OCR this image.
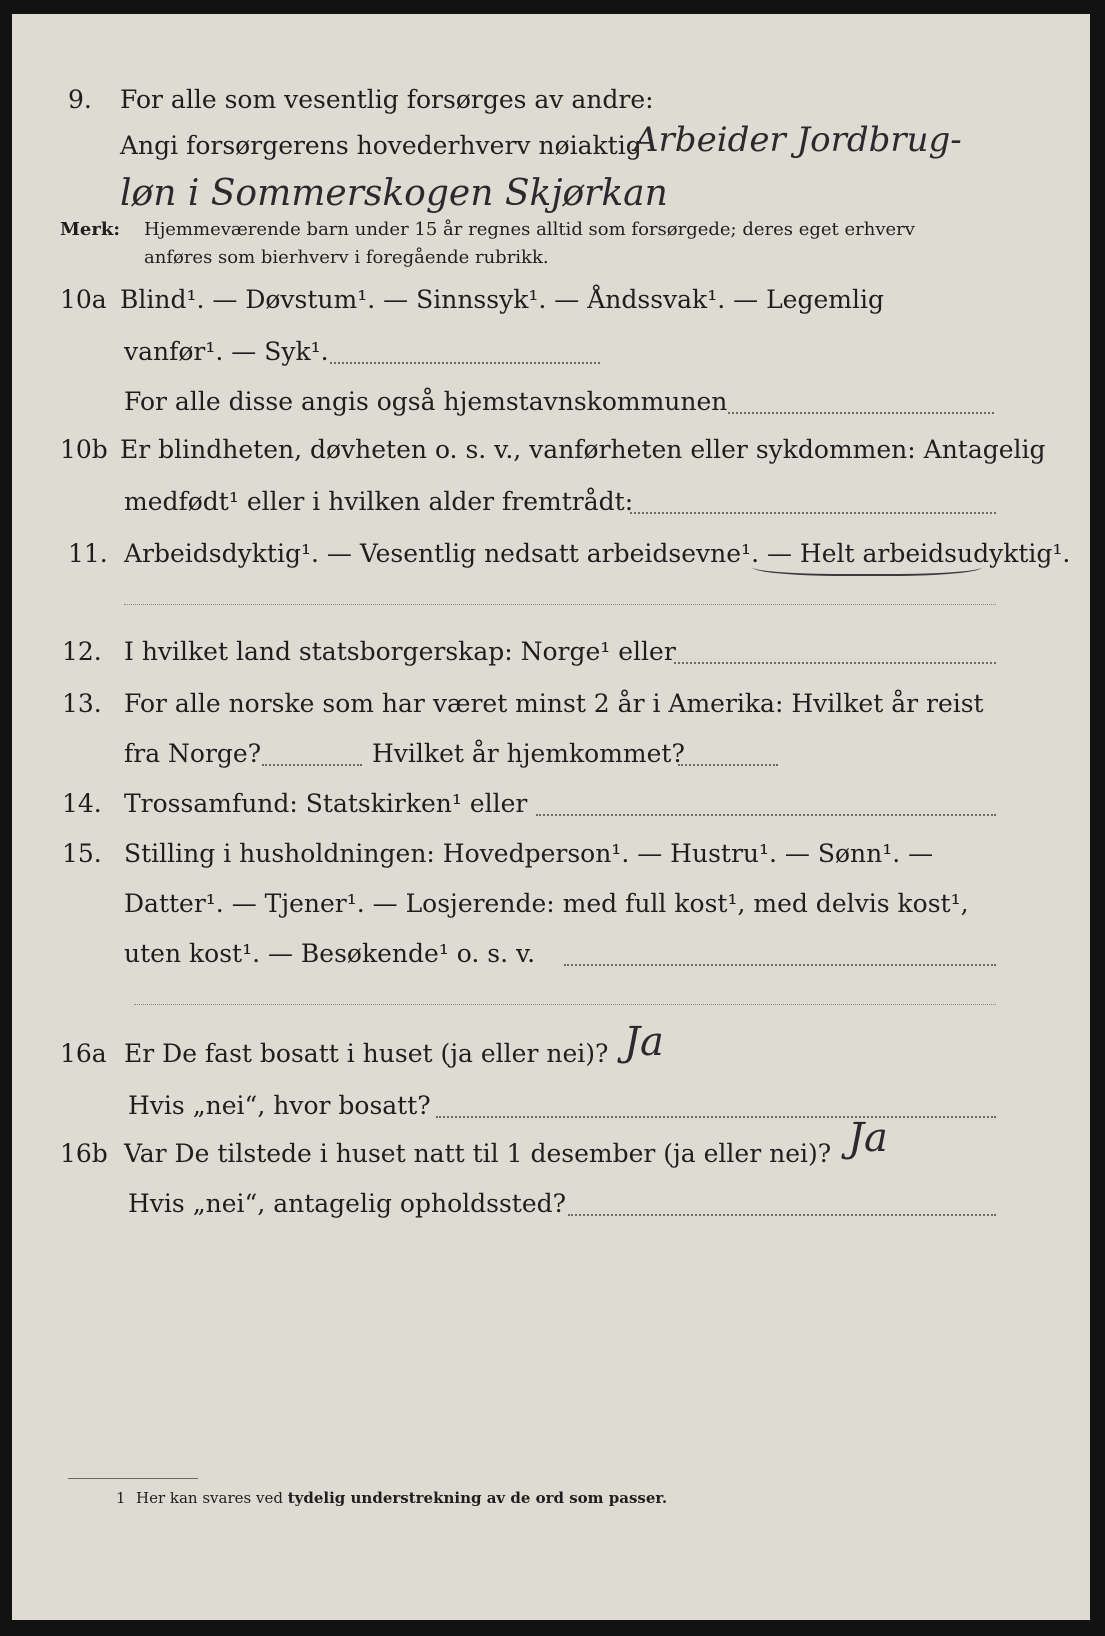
9. For alle som vesentlig forsørges av andre:
Angi forsørgerens hovederhverv nøiaktig
Arbeider Jordbrug-
løn i Sommerskogen Skjørkan
Merk: Hjemmeværende barn under 15 år regnes alltid som forsørgede; deres eget erhverv
anføres som bierhverv i foregående rubrikk.
10a Blind¹. — Døvstum¹. — Sinnssyk¹. — Åndssvak¹. — Legemlig
vanfør¹. — Syk¹.
For alle disse angis også hjemstavnskommunen
10b Er blindheten, døvheten o. s. v., vanførheten eller sykdommen: Antagelig
medfødt¹ eller i hvilken alder fremtrådt:
11. Arbeidsdyktig¹. — Vesentlig nedsatt arbeidsevne¹. — Helt arbeidsudyktig¹.
12. I hvilket land statsborgerskap: Norge¹ eller
13. For alle norske som har været minst 2 år i Amerika: Hvilket år reist
fra Norge?	Hvilket år hjemkommet?
14. Trossamfund: Statskirken¹ eller
15. Stilling i husholdningen: Hovedperson¹. — Hustru¹. — Sønn¹. —
Datter¹. — Tjener¹. — Losjerende: med full kost¹, med delvis kost¹,
uten kost¹. — Besøkende¹ o. s. v.
16a Er De fast bosatt i huset (ja eller nei)? Ja
Hvis „nei“, hvor bosatt?
16b Var De tilstede i huset natt til 1 desember (ja eller nei)? Ja
Hvis „nei“, antagelig opholdssted?
1 Her kan svares ved tydelig understrekning av de ord som passer.
